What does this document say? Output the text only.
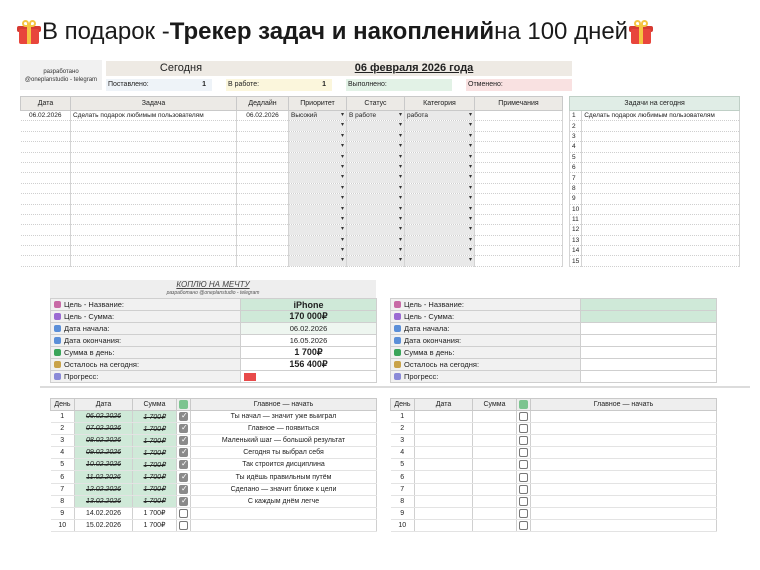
В подарок - Трекер задач и накоплений на 100 дней
разработано
@oneplanstudio - telegram
Сегодня	06 февраля 2026 года
Поставлено:	1	В работе:	1	Выполнено:	Отменено:
Дата	Задача	Дедлайн	Приоритет	Статус	Категория	Примечания
06.02.2026	Сделать подарок любимым пользователям	06.02.2026	Высокий ▾	В работе ▾	работа ▾	
			▾	▾	▾	
			▾	▾	▾	
			▾	▾	▾	
			▾	▾	▾	
			▾	▾	▾	
			▾	▾	▾	
			▾	▾	▾	
			▾	▾	▾	
			▾	▾	▾	
			▾	▾	▾	
			▾	▾	▾	
			▾	▾	▾	
			▾	▾	▾	
			▾	▾	▾	
Задачи на сегодня	
1	Сделать подарок любимым пользователям
2	
3	
4	
5	
6	
7	
8	
9	
10	
11	
12	
13	
14	
15	
КОПЛЮ НА МЕЧТУ
разработано @oneplanstudio - telegram
Цель - Название:	iPhone
Цель - Сумма:	170 000₽
Дата начала:	06.02.2026
Дата окончания:	16.05.2026
Сумма в день:	1 700₽
Осталось на сегодня:	156 400₽
Прогресс:	
Цель - Название:	
Цель - Сумма:	
Дата начала:	
Дата окончания:	
Сумма в день:	
Осталось на сегодня:	
Прогресс:	
День	Дата	Сумма		Главное — начать
1	06.02.2026	1 700₽	✓	Ты начал — значит уже выиграл
2	07.02.2026	1 700₽	✓	Главное — появиться
3	08.02.2026	1 700₽	✓	Маленький шаг — большой результат
4	09.02.2026	1 700₽	✓	Сегодня ты выбрал себя
5	10.02.2026	1 700₽	✓	Так строится дисциплина
6	11.02.2026	1 700₽	✓	Ты идёшь правильным путём
7	12.02.2026	1 700₽	✓	Сделано — значит ближе к цели
8	13.02.2026	1 700₽	✓	С каждым днём легче
9	14.02.2026	1 700₽		
10	15.02.2026	1 700₽		
День	Дата	Сумма		Главное — начать
1				
2				
3				
4				
5				
6				
7				
8				
9				
10				
